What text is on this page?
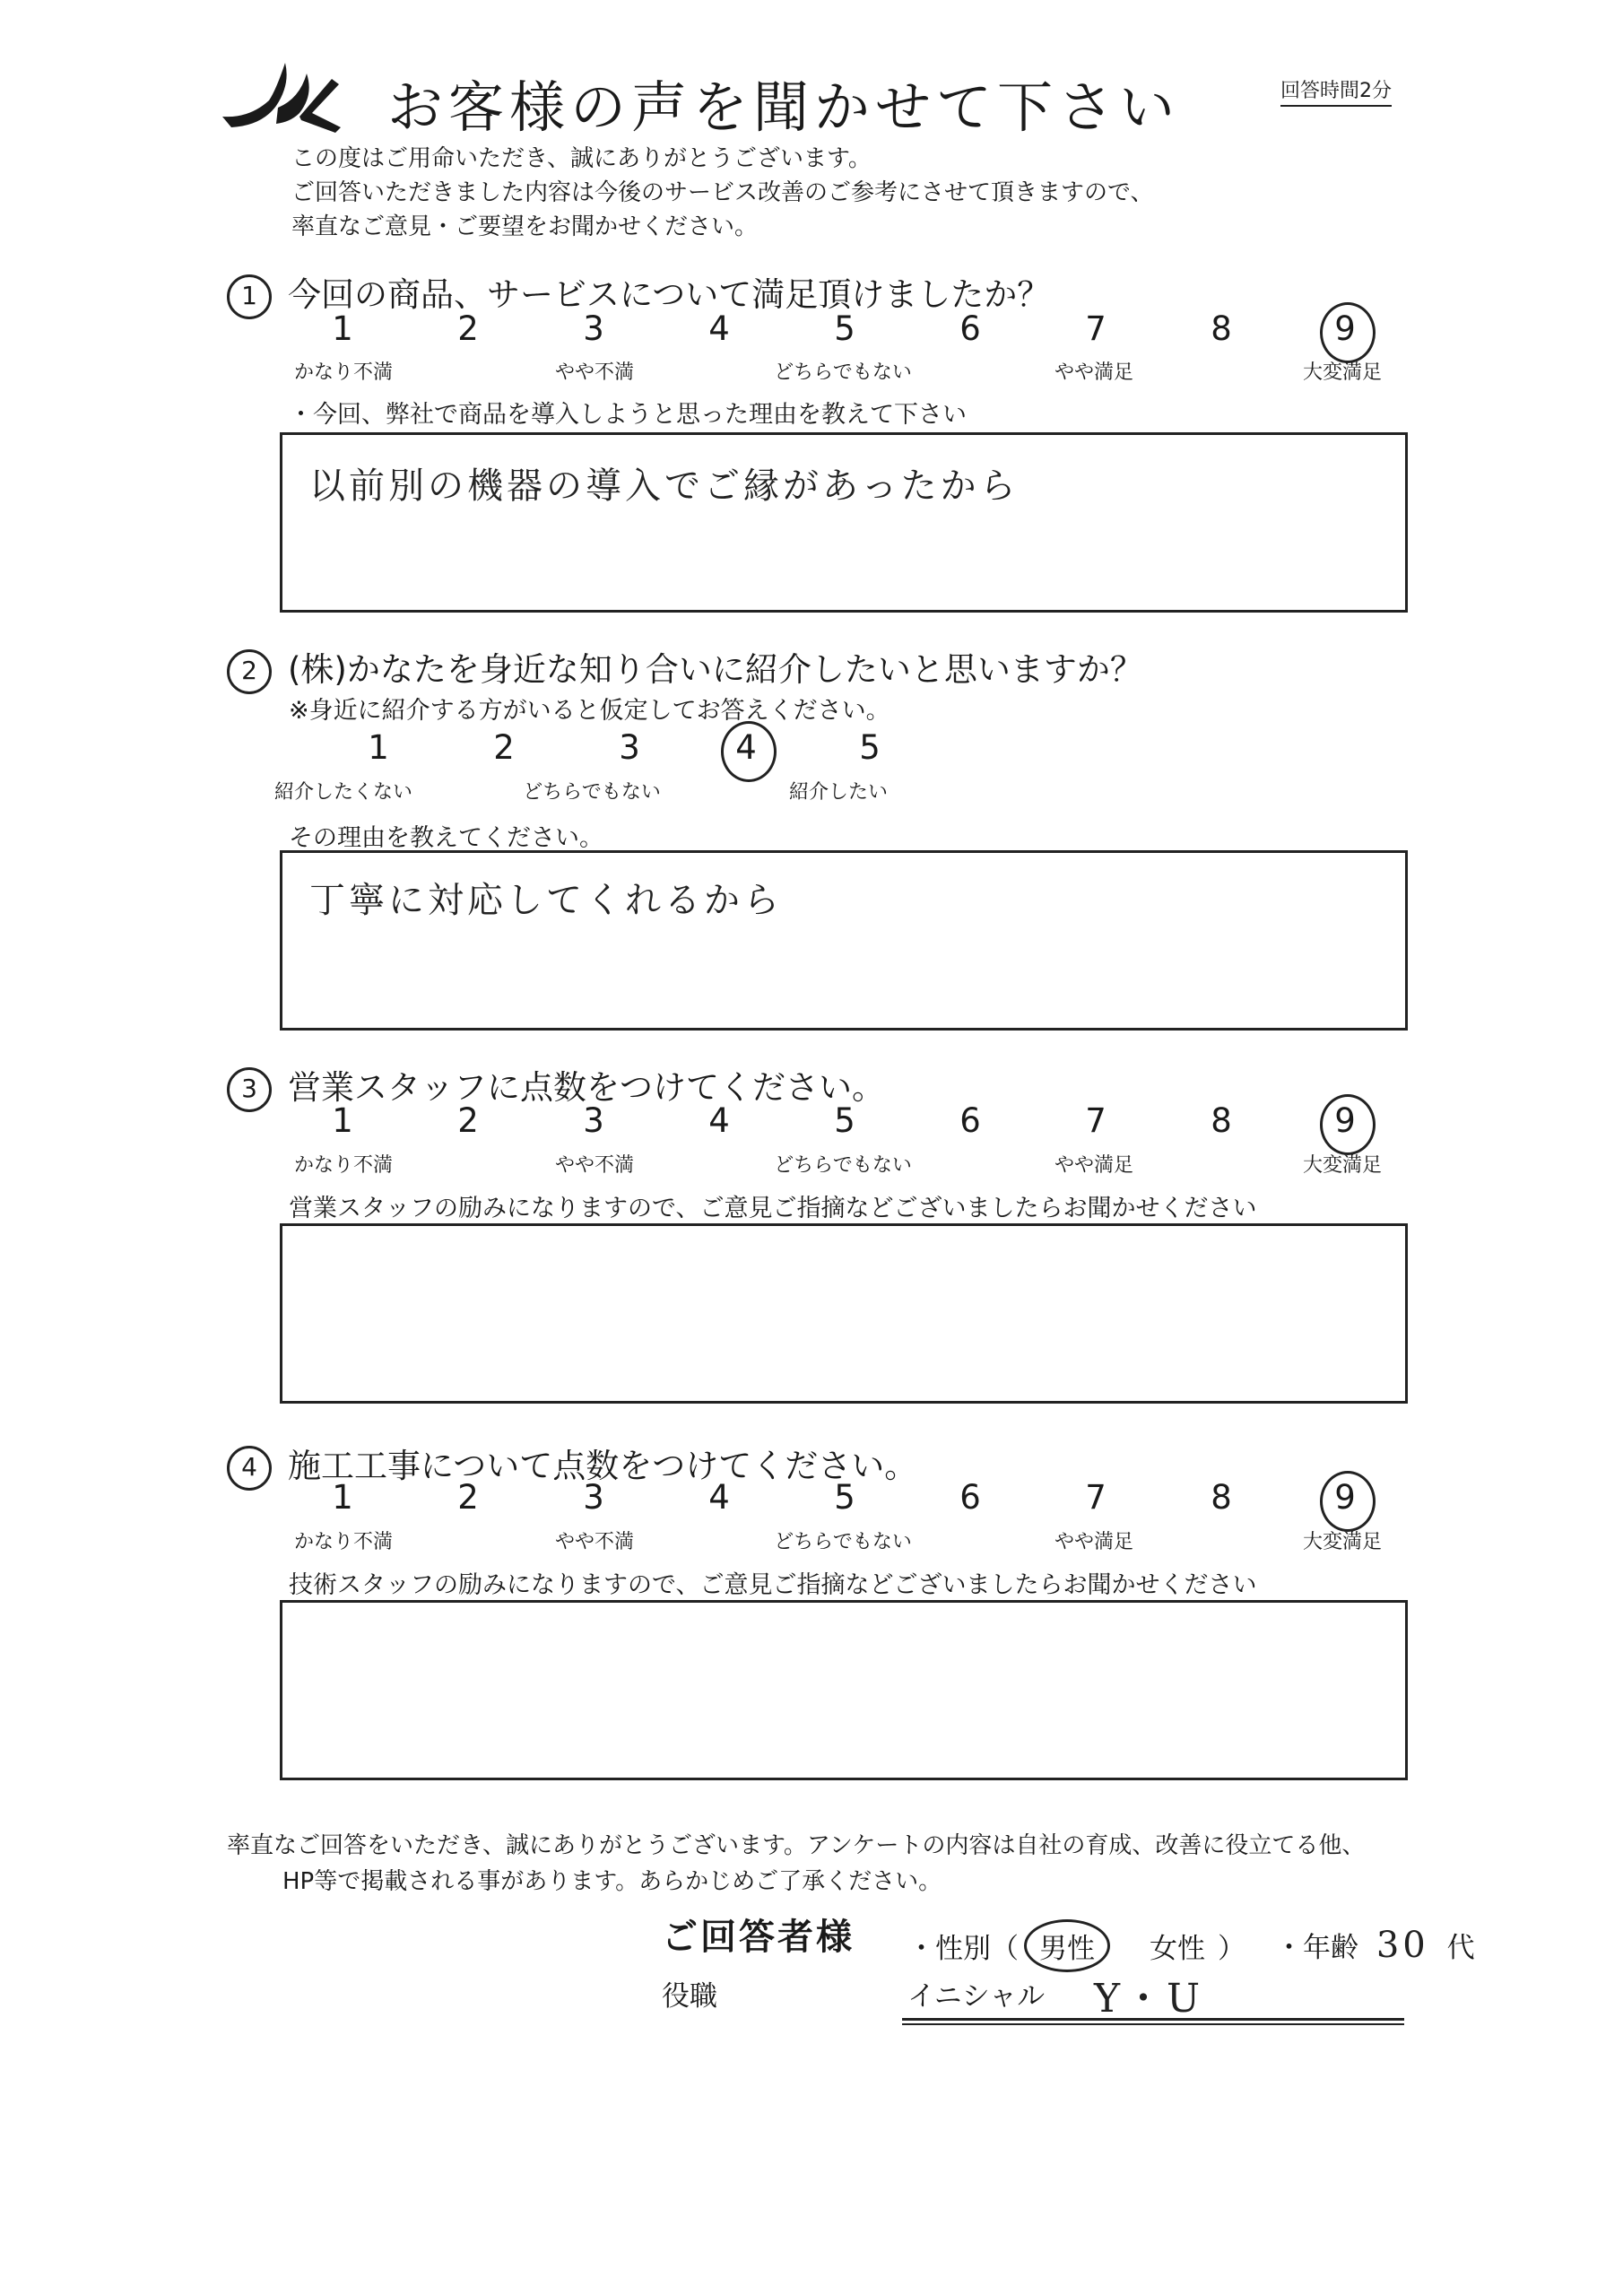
お客様の声を聞かせて下さい	回答時間2分
この度はご用命いただき、誠にありがとうございます。
ご回答いただきました内容は今後のサービス改善のご参考にさせて頂きますので、
率直なご意見・ご要望をお聞かせください。
1 今回の商品、サービスについて満足頂けましたか？
1	2	3	4	5	6	7	8	9
かなり不満	やや不満	どちらでもない	やや満足	大変満足
・今回、弊社で商品を導入しようと思った理由を教えて下さい
以前別の機器の導入でご縁があったから
2 (株)かなたを身近な知り合いに紹介したいと思いますか？
※身近に紹介する方がいると仮定してお答えください。
1	2	3	4	5
紹介したくない	どちらでもない	紹介したい
その理由を教えてください。
丁寧に対応してくれるから
3 営業スタッフに点数をつけてください。
1	2	3	4	5	6	7	8	9
かなり不満	やや不満	どちらでもない	やや満足	大変満足
営業スタッフの励みになりますので、ご意見ご指摘などございましたらお聞かせください
4 施工工事について点数をつけてください。
1	2	3	4	5	6	7	8	9
かなり不満	やや不満	どちらでもない	やや満足	大変満足
技術スタッフの励みになりますので、ご意見ご指摘などございましたらお聞かせください
率直なご回答をいただき、誠にありがとうございます。アンケートの内容は自社の育成、改善に役立てる他、
HP等で掲載される事があります。あらかじめご了承ください。
ご回答者様 ・性別（ 男性 女性 ） ・年齢 30 代
役職	イニシャル Y・U
